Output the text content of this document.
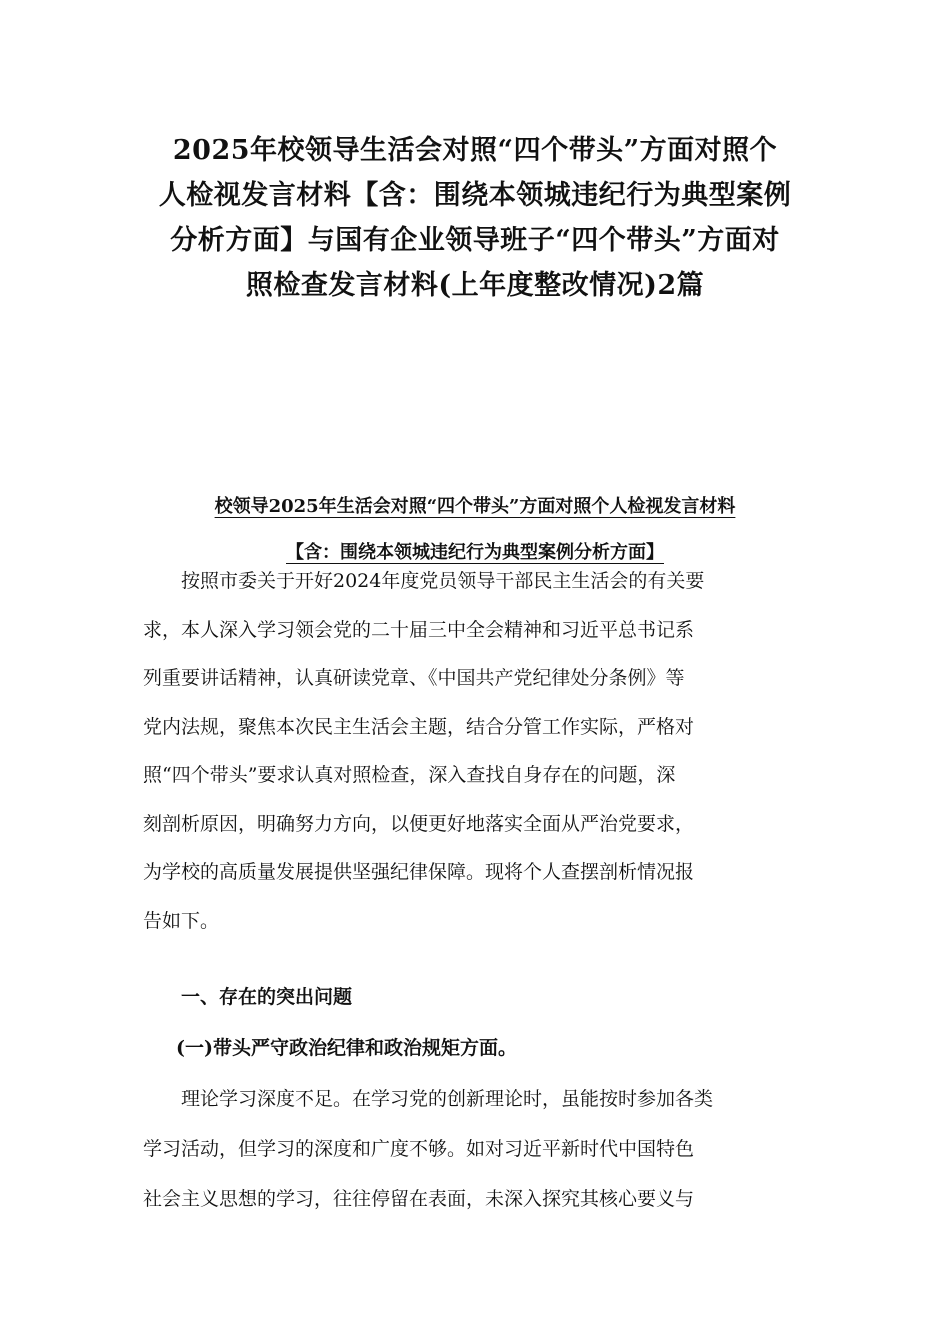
2025年校领导生活会对照“四个带头”方面对照个
人检视发言材料【含：围绕本领城违纪行为典型案例
分析方面】与国有企业领导班子“四个带头”方面对
照检查发言材料(上年度整改情况)2篇
校领导2025年生活会对照“四个带头”方面对照个人检视发言材料
【含：围绕本领城违纪行为典型案例分析方面】

按照市委关于开好2024年度党员领导干部民主生活会的有关要
求，本人深入学习领会党的二十届三中全会精神和习近平总书记系
列重要讲话精神，认真研读党章、《中国共产党纪律处分条例》等
党内法规，聚焦本次民主生活会主题，结合分管工作实际，严格对
照“四个带头”要求认真对照检查，深入查找自身存在的问题，深
刻剖析原因，明确努力方向，以便更好地落实全面从严治党要求，
为学校的高质量发展提供坚强纪律保障。现将个人查摆剖析情况报
告如下。

一、存在的突出问题
(一)带头严守政治纪律和政治规矩方面。

理论学习深度不足。在学习党的创新理论时，虽能按时参加各类
学习活动，但学习的深度和广度不够。如对习近平新时代中国特色
社会主义思想的学习，往往停留在表面，未深入探究其核心要义与
